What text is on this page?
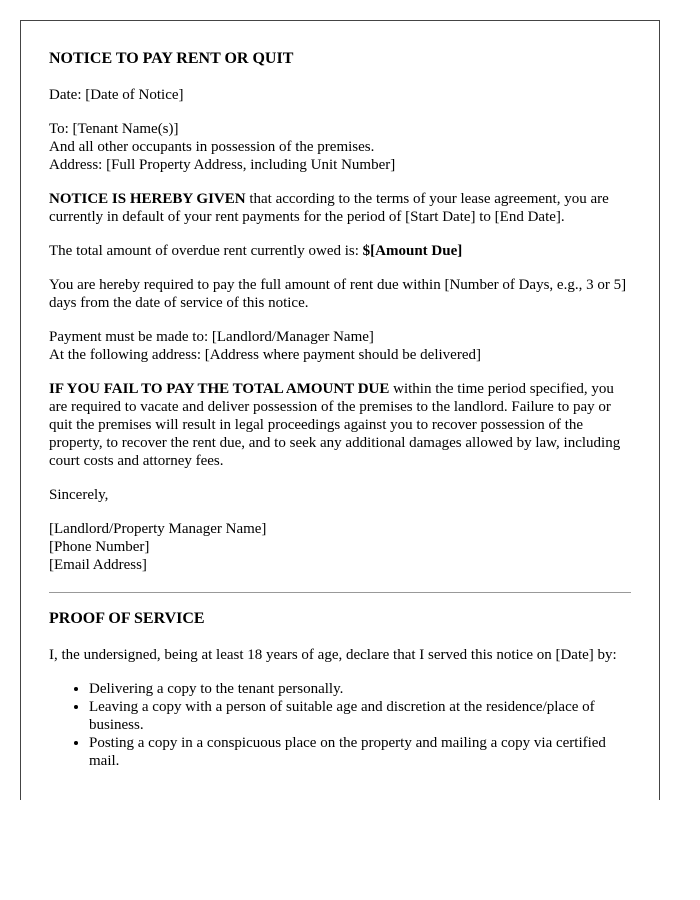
NOTICE TO PAY RENT OR QUIT

Date: [Date of Notice]

To: [Tenant Name(s)]
And all other occupants in possession of the premises.
Address: [Full Property Address, including Unit Number]

NOTICE IS HEREBY GIVEN that according to the terms of your lease agreement, you are currently in default of your rent payments for the period of [Start Date] to [End Date].

The total amount of overdue rent currently owed is: $[Amount Due]

You are hereby required to pay the full amount of rent due within [Number of Days, e.g., 3 or 5] days from the date of service of this notice.

Payment must be made to: [Landlord/Manager Name]
At the following address: [Address where payment should be delivered]

IF YOU FAIL TO PAY THE TOTAL AMOUNT DUE within the time period specified, you are required to vacate and deliver possession of the premises to the landlord. Failure to pay or quit the premises will result in legal proceedings against you to recover possession of the property, to recover the rent due, and to seek any additional damages allowed by law, including court costs and attorney fees.

Sincerely,

[Landlord/Property Manager Name]
[Phone Number]
[Email Address]

PROOF OF SERVICE

I, the undersigned, being at least 18 years of age, declare that I served this notice on [Date] by:

• Delivering a copy to the tenant personally.
• Leaving a copy with a person of suitable age and discretion at the residence/place of business.
• Posting a copy in a conspicuous place on the property and mailing a copy via certified mail.
